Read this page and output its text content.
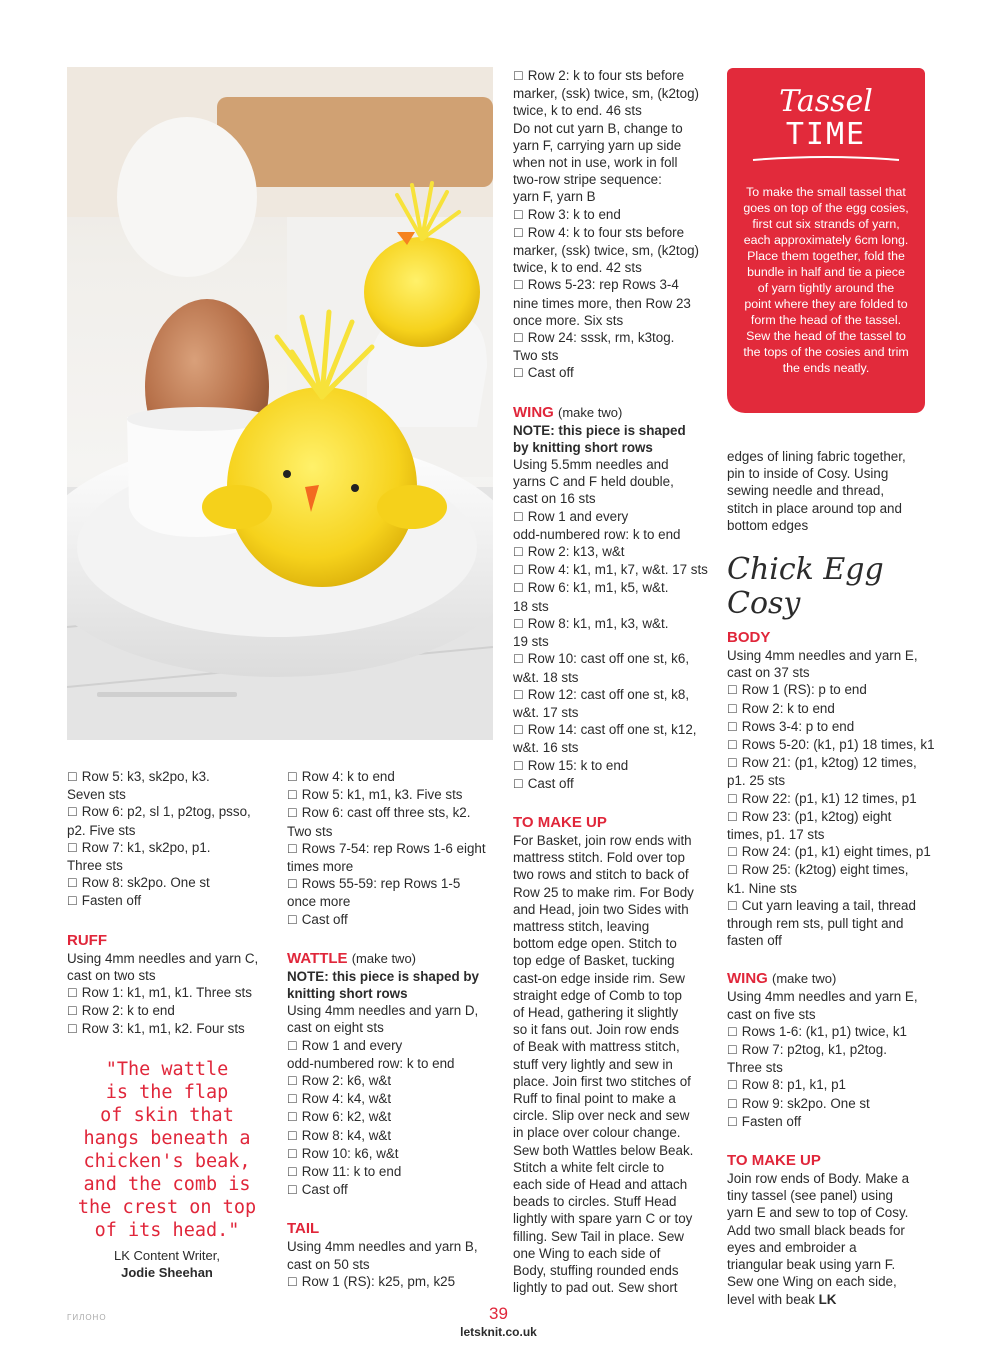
☐ Row 5: k3, sk2po, k3.
Seven sts
☐ Row 6: p2, sl 1, p2tog, psso,
p2. Five sts
☐ Row 7: k1, sk2po, p1.
Three sts
☐ Row 8: sk2po. One st
☐ Fasten off
RUFF
Using 4mm needles and yarn C,
cast on two sts
☐ Row 1: k1, m1, k1. Three sts
☐ Row 2: k to end
☐ Row 3: k1, m1, k2. Four sts
"The wattle
is the flap
of skin that
hangs beneath a
chicken's beak,
and the comb is
the crest on top
of its head."
LK Content Writer,
Jodie Sheehan
☐ Row 4: k to end
☐ Row 5: k1, m1, k3. Five sts
☐ Row 6: cast off three sts, k2.
Two sts
☐ Rows 7-54: rep Rows 1-6 eight
times more
☐ Rows 55-59: rep Rows 1-5
once more
☐ Cast off
WATTLE (make two)
NOTE: this piece is shaped by
knitting short rows
Using 4mm needles and yarn D,
cast on eight sts
☐ Row 1 and every
odd-numbered row: k to end
☐ Row 2: k6, w&t
☐ Row 4: k4, w&t
☐ Row 6: k2, w&t
☐ Row 8: k4, w&t
☐ Row 10: k6, w&t
☐ Row 11: k to end
☐ Cast off
TAIL
Using 4mm needles and yarn B,
cast on 50 sts
☐ Row 1 (RS): k25, pm, k25
☐ Row 2: k to four sts before
marker, (ssk) twice, sm, (k2tog)
twice, k to end. 46 sts
Do not cut yarn B, change to
yarn F, carrying yarn up side
when not in use, work in foll
two-row stripe sequence:
yarn F, yarn B
☐ Row 3: k to end
☐ Row 4: k to four sts before
marker, (ssk) twice, sm, (k2tog)
twice, k to end. 42 sts
☐ Rows 5-23: rep Rows 3-4
nine times more, then Row 23
once more. Six sts
☐ Row 24: sssk, rm, k3tog.
Two sts
☐ Cast off
WING (make two)
NOTE: this piece is shaped
by knitting short rows
Using 5.5mm needles and
yarns C and F held double,
cast on 16 sts
☐ Row 1 and every
odd-numbered row: k to end
☐ Row 2: k13, w&t
☐ Row 4: k1, m1, k7, w&t. 17 sts
☐ Row 6: k1, m1, k5, w&t.
18 sts
☐ Row 8: k1, m1, k3, w&t.
19 sts
☐ Row 10: cast off one st, k6,
w&t. 18 sts
☐ Row 12: cast off one st, k8,
w&t. 17 sts
☐ Row 14: cast off one st, k12,
w&t. 16 sts
☐ Row 15: k to end
☐ Cast off
TO MAKE UP
For Basket, join row ends with
mattress stitch. Fold over top
two rows and stitch to back of
Row 25 to make rim. For Body
and Head, join two Sides with
mattress stitch, leaving
bottom edge open. Stitch to
top edge of Basket, tucking
cast-on edge inside rim. Sew
straight edge of Comb to top
of Head, gathering it slightly
so it fans out. Join row ends
of Beak with mattress stitch,
stuff very lightly and sew in
place. Join first two stitches of
Ruff to final point to make a
circle. Slip over neck and sew
in place over colour change.
Sew both Wattles below Beak.
Stitch a white felt circle to
each side of Head and attach
beads to circles. Stuff Head
lightly with spare yarn C or toy
filling. Sew Tail in place. Sew
one Wing to each side of
Body, stuffing rounded ends
lightly to pad out. Sew short
Tassel
TIME
To make the small tassel that goes on top of the egg cosies, first cut six strands of yarn, each approximately 6cm long. Place them together, fold the bundle in half and tie a piece of yarn tightly around the point where they are folded to form the head of the tassel. Sew the head of the tassel to the tops of the cosies and trim the ends neatly.
edges of lining fabric together,
pin to inside of Cosy. Using
sewing needle and thread,
stitch in place around top and
bottom edges
Chick Egg
Cosy
BODY
Using 4mm needles and yarn E,
cast on 37 sts
☐ Row 1 (RS): p to end
☐ Row 2: k to end
☐ Rows 3-4: p to end
☐ Rows 5-20: (k1, p1) 18 times, k1
☐ Row 21: (p1, k2tog) 12 times,
p1. 25 sts
☐ Row 22: (p1, k1) 12 times, p1
☐ Row 23: (p1, k2tog) eight
times, p1. 17 sts
☐ Row 24: (p1, k1) eight times, p1
☐ Row 25: (k2tog) eight times,
k1. Nine sts
☐ Cut yarn leaving a tail, thread
through rem sts, pull tight and
fasten off
WING (make two)
Using 4mm needles and yarn E,
cast on five sts
☐ Rows 1-6: (k1, p1) twice, k1
☐ Row 7: p2tog, k1, p2tog.
Three sts
☐ Row 8: p1, k1, p1
☐ Row 9: sk2po. One st
☐ Fasten off
TO MAKE UP
Join row ends of Body. Make a
tiny tassel (see panel) using
yarn E and sew to top of Cosy.
Add two small black beads for
eyes and embroider a
triangular beak using yarn F.
Sew one Wing on each side,
level with beak LK
ГИЛОНО	39
letsknit.co.uk
